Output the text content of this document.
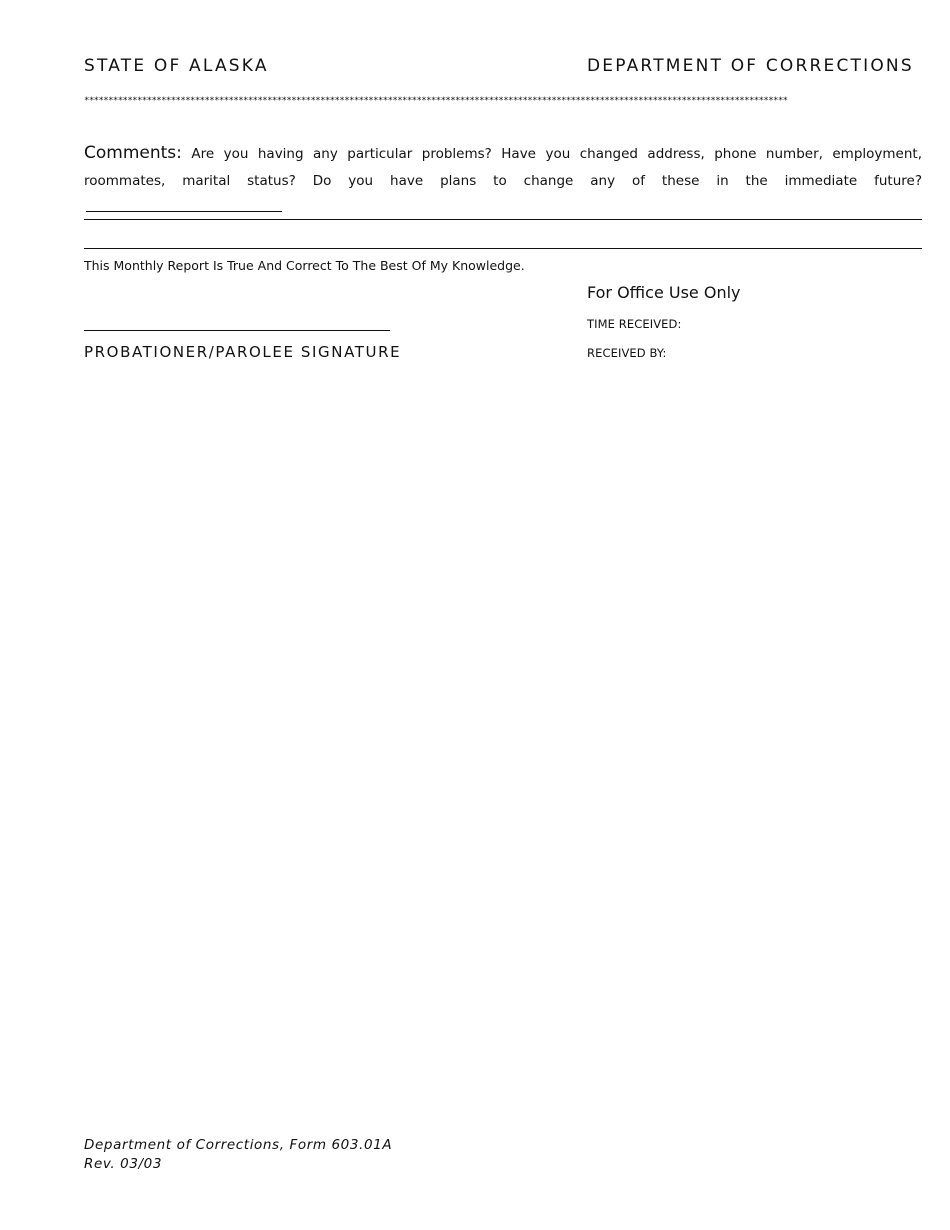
STATE OF ALASKA	DEPARTMENT OF CORRECTIONS
**************************************************************************************************************************************************
Comments: Are you having any particular problems? Have you changed address, phone number, employment, roommates, marital status? Do you have plans to change any of these in the immediate future?
This Monthly Report Is True And Correct To The Best Of My Knowledge.
For Office Use Only
TIME RECEIVED:
RECEIVED BY:
PROBATIONER/PAROLEE SIGNATURE
Department of Corrections, Form 603.01A
Rev. 03/03
